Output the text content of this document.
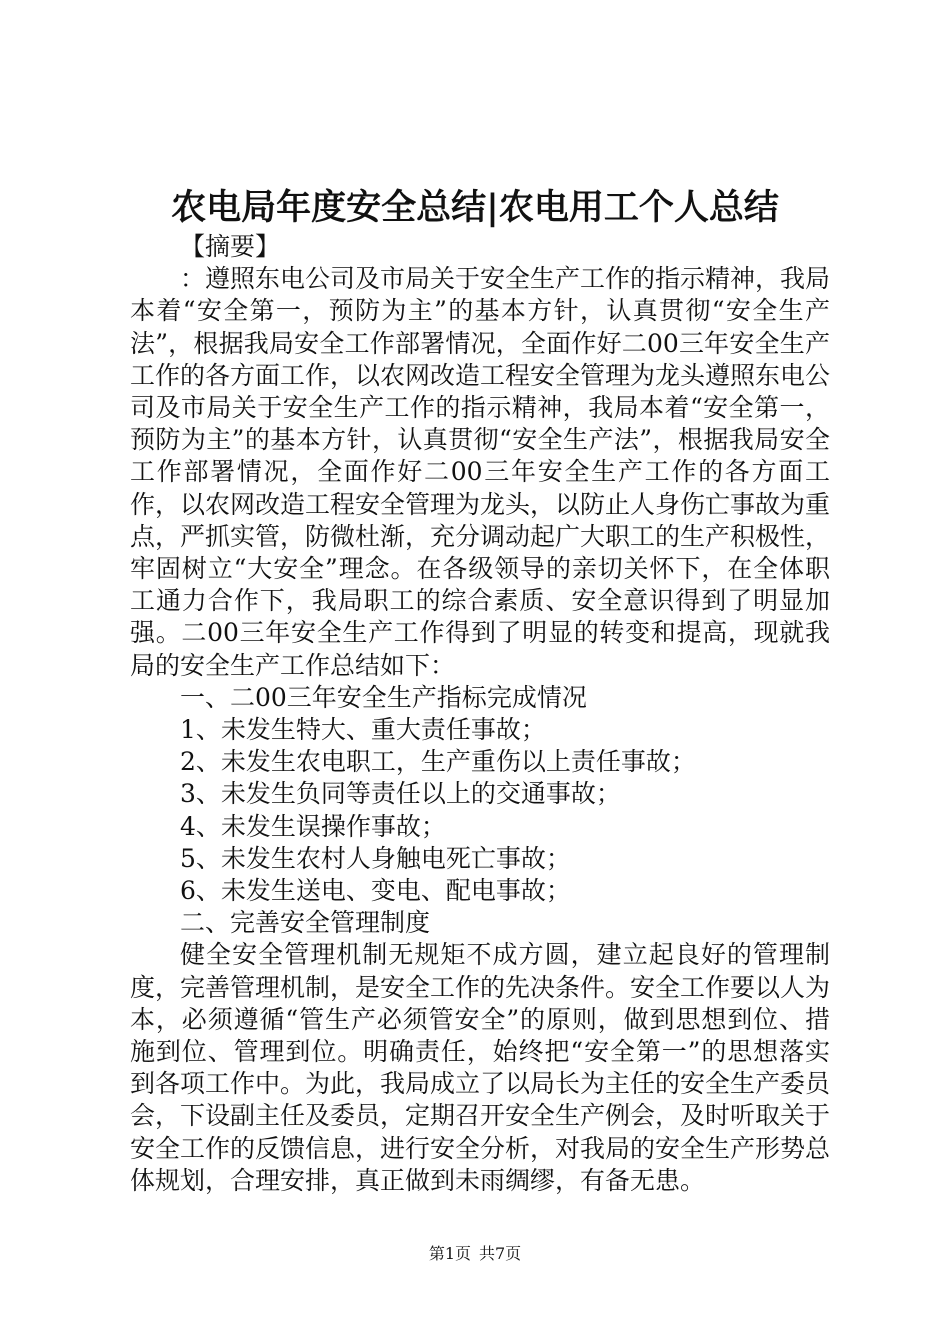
农电局年度安全总结|农电用工个人总结

【摘要】

：遵照东电公司及市局关于安全生产工作的指示精神，我局本着“安全第一，预防为主”的基本方针，认真贯彻“安全生产法”，根据我局安全工作部署情况，全面作好二00三年安全生产工作的各方面工作，以农网改造工程安全管理为龙头遵照东电公司及市局关于安全生产工作的指示精神，我局本着“安全第一，预防为主”的基本方针，认真贯彻“安全生产法”，根据我局安全工作部署情况，全面作好二00三年安全生产工作的各方面工作，以农网改造工程安全管理为龙头，以防止人身伤亡事故为重点，严抓实管，防微杜渐，充分调动起广大职工的生产积极性，牢固树立“大安全”理念。在各级领导的亲切关怀下，在全体职工通力合作下，我局职工的综合素质、安全意识得到了明显加强。二00三年安全生产工作得到了明显的转变和提高，现就我局的安全生产工作总结如下：

一、二00三年安全生产指标完成情况

1、未发生特大、重大责任事故；

2、未发生农电职工，生产重伤以上责任事故；

3、未发生负同等责任以上的交通事故；

4、未发生误操作事故；

5、未发生农村人身触电死亡事故；

6、未发生送电、变电、配电事故；

二、完善安全管理制度

健全安全管理机制无规矩不成方圆，建立起良好的管理制度，完善管理机制，是安全工作的先决条件。安全工作要以人为本，必须遵循“管生产必须管安全”的原则，做到思想到位、措施到位、管理到位。明确责任，始终把“安全第一”的思想落实到各项工作中。为此，我局成立了以局长为主任的安全生产委员会，下设副主任及委员，定期召开安全生产例会，及时听取关于安全工作的反馈信息，进行安全分析，对我局的安全生产形势总体规划，合理安排，真正做到未雨绸缪，有备无患。

第1页 共7页
